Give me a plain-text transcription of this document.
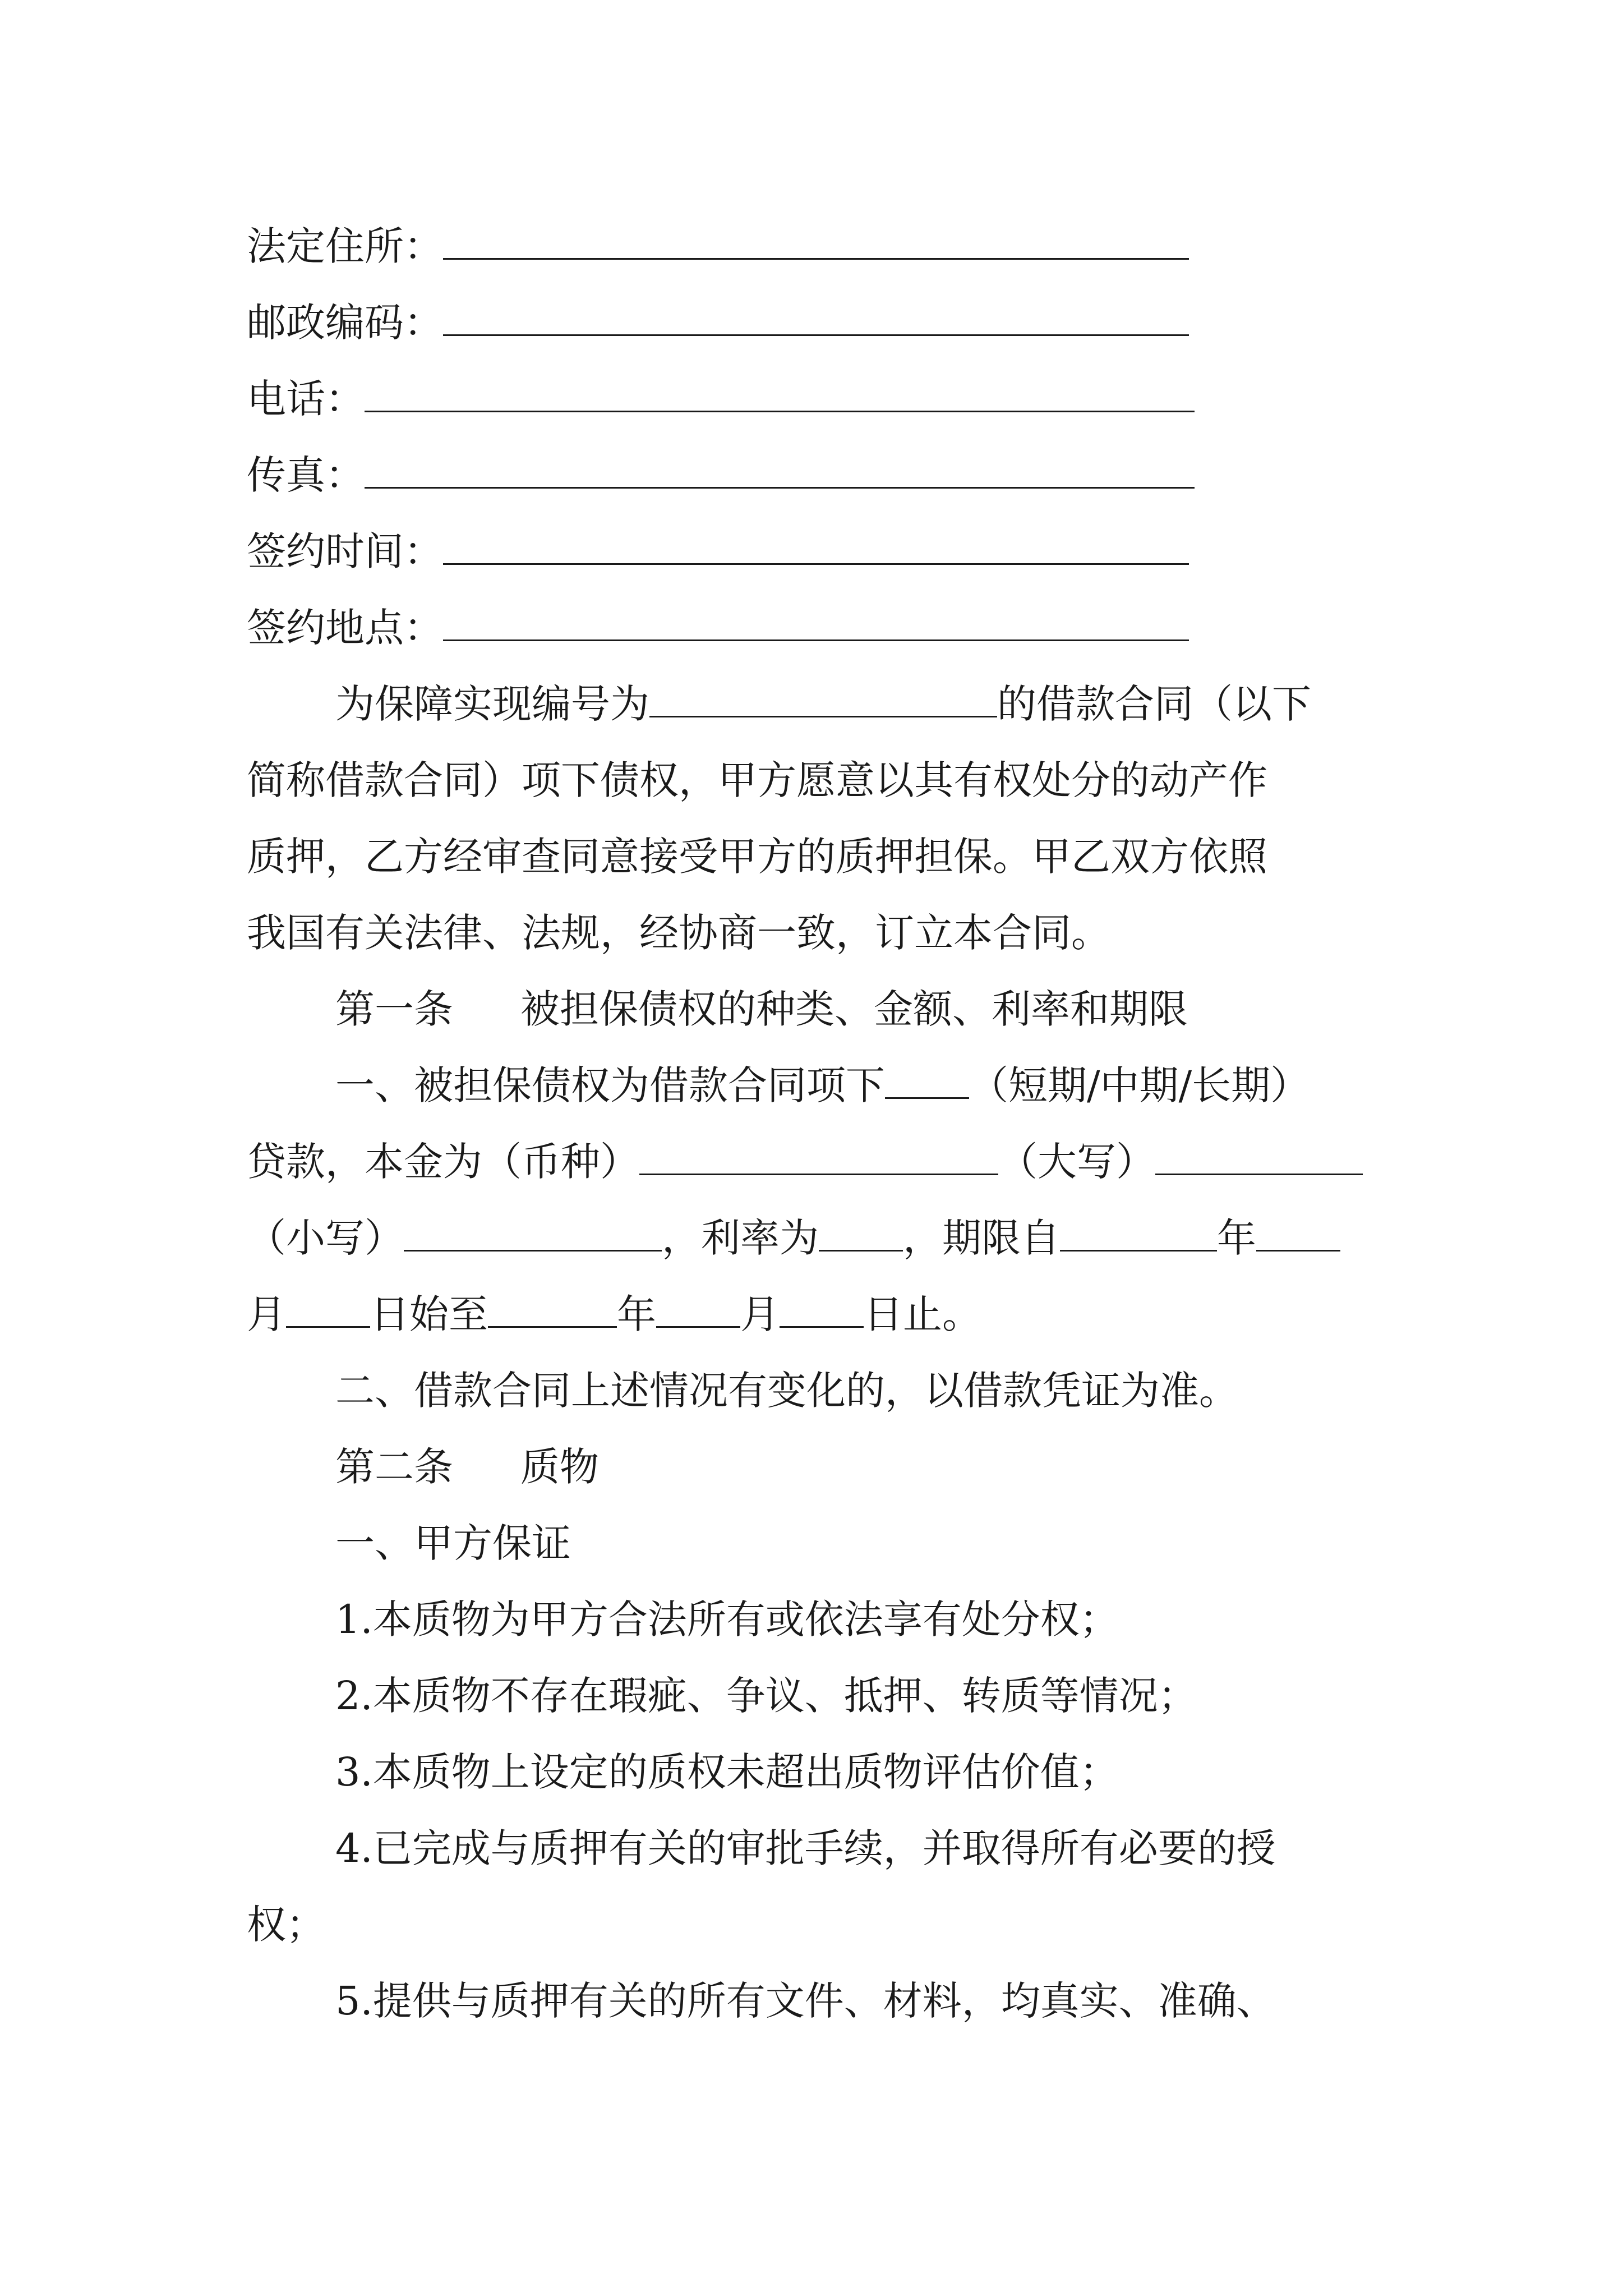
法定住所：
邮政编码：
电话：
传真：
签约时间：
签约地点：
为保障实现编号为	的借款合同（以下
简称借款合同）项下债权，甲方愿意以其有权处分的动产作
质押，乙方经审查同意接受甲方的质押担保。甲乙双方依照
我国有关法律、法规，经协商一致，订立本合同。
第一条 被担保债权的种类、金额、利率和期限
一、被担保债权为借款合同项下 （短期/中期/长期）
贷款，本金为（币种）	（大写）
（小写）	，利率为 ，期限自	年
月 日始至	年 月 日止。
二、借款合同上述情况有变化的，以借款凭证为准。
第二条 质物
一、甲方保证
1.本质物为甲方合法所有或依法享有处分权；
2.本质物不存在瑕疵、争议、抵押、转质等情况；
3.本质物上设定的质权未超出质物评估价值；
4.已完成与质押有关的审批手续，并取得所有必要的授
权；
5.提供与质押有关的所有文件、材料，均真实、准确、
